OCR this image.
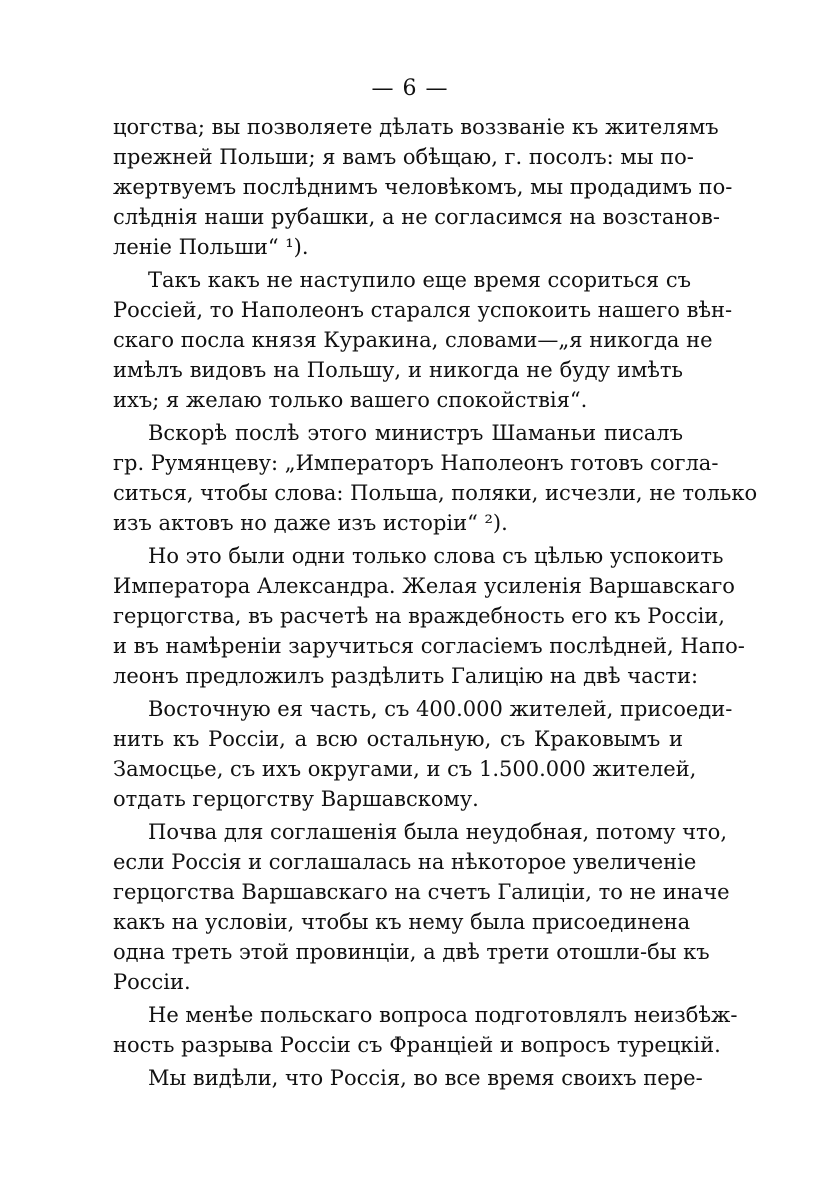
— 6 —
цогства; вы позволяете дѣлать воззваніе къ жителямъ
прежней Польши; я вамъ обѣщаю, г. посолъ: мы по-
жертвуемъ послѣднимъ человѣкомъ, мы продадимъ по-
слѣднія наши рубашки, а не согласимся на возстанов-
леніе Польши“ ¹).
Такъ какъ не наступило еще время ссориться съ
Россіей, то Наполеонъ старался успокоить нашего вѣн-
скаго посла князя Куракина, словами—„я никогда не
имѣлъ видовъ на Польшу, и никогда не буду имѣть
ихъ; я желаю только вашего спокойствія“.
Вскорѣ послѣ этого министръ Шаманьи писалъ
гр. Румянцеву: „Императоръ Наполеонъ готовъ согла-
ситься, чтобы слова: Польша, поляки, исчезли, не только
изъ актовъ но даже изъ исторіи“ ²).
Но это были одни только слова съ цѣлью успокоить
Императора Александра. Желая усиленія Варшавскаго
герцогства, въ расчетѣ на враждебность его къ Россіи,
и въ намѣреніи заручиться согласіемъ послѣдней, Напо-
леонъ предложилъ раздѣлить Галицію на двѣ части:
Восточную ея часть, съ 400.000 жителей, присоеди-
нить къ Россіи, а всю остальную, съ Краковымъ и
Замосцье, съ ихъ округами, и съ 1.500.000 жителей,
отдать герцогству Варшавскому.
Почва для соглашенія была неудобная, потому что,
если Россія и соглашалась на нѣкоторое увеличеніе
герцогства Варшавскаго на счетъ Галиціи, то не иначе
какъ на условіи, чтобы къ нему была присоединена
одна треть этой провинціи, а двѣ трети отошли-бы къ
Россіи.
Не менѣе польскаго вопроса подготовлялъ неизбѣж-
ность разрыва Россіи съ Франціей и вопросъ турецкій.
Мы видѣли, что Россія, во все время своихъ пере-
